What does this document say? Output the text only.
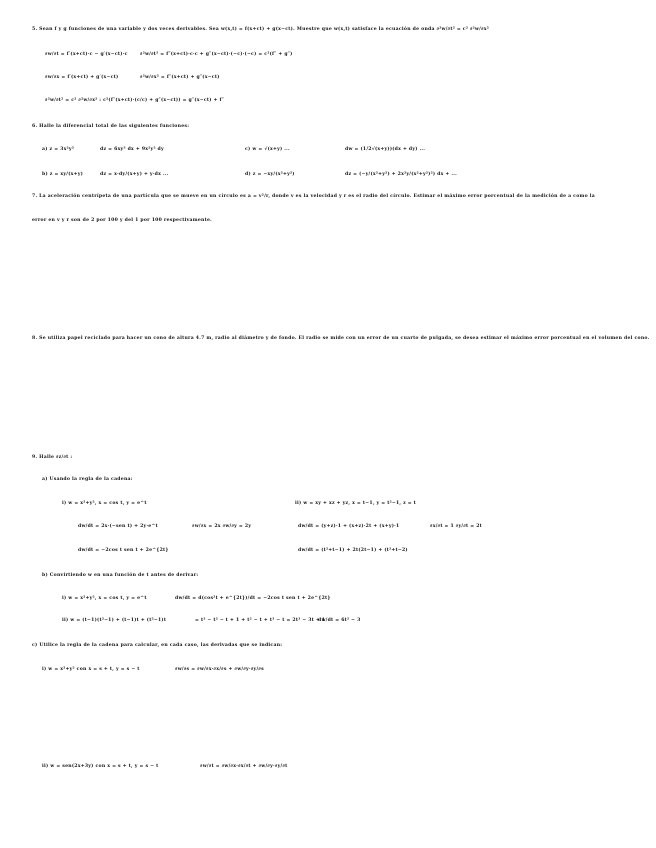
5. Sean f y g funciones de una variable y dos veces derivables. Sea w(x,t) = f(x+ct) + g(x−ct). Muestre que w(x,t) satisface la ecuación de onda ∂²w/∂t² = c² ∂²w/∂x²
∂w/∂t = f′(x+ct)·c − g′(x−ct)·c	∂²w/∂t² = f″(x+ct)·c·c + g″(x−ct)·(−c)·(−c) = c²(f″ + g″)
∂w/∂x = f′(x+ct) + g′(x−ct)	∂²w/∂x² = f″(x+ct) + g″(x−ct)
∂²w/∂t² = c² ∂²w/∂x² : c²(f″(x+ct)·(c/c) + g″(x−ct)) = g″(x−ct) + f″
6. Halle la diferencial total de las siguientes funciones:
a) z = 3x²y³	dz = 6xy³ dx + 9x²y² dy	c) w = √(x+y) ...	dw = (1/2√(x+y))(dx + dy) ...
b) z = xy/(x+y)	dz = x·dy/(x+y) + y·dx ...	d) z = −xy/(x²+y²)	dz = (−y/(x²+y²) + 2x²y/(x²+y²)²) dx + ...
7. La aceleración centrípeta de una partícula que se mueve en un círculo es a = v²/r, donde v es la velocidad y r es el radio del círculo. Estimar el máximo error porcentual de la medición de a como la
error en v y r son de 2 por 100 y del 1 por 100 respectivamente.
8. Se utiliza papel reciclado para hacer un cono de altura 4.7 m, radio al diámetro y de fondo. El radio se mide con un error de un cuarto de pulgada, se desea estimar el máximo error porcentual en el volumen del cono.
9. Halle ∂z/∂t :
a) Usando la regla de la cadena:
i) w = x²+y², x = cos t, y = e^t	ii) w = xy + xz + yz, x = t−1, y = t²−1, z = t
dw/dt = 2x·(−sen t) + 2y·e^t	∂w/∂x = 2x ∂w/∂y = 2y	dw/dt = (y+z)·1 + (x+z)·2t + (x+y)·1	∂x/∂t = 1 ∂y/∂t = 2t
dw/dt = −2cos t sen t + 2e^{2t}	dw/dt = (t²+t−1) + 2t(2t−1) + (t²+t−2)
b) Convirtiendo w en una función de t antes de derivar:
i) w = x²+y², x = cos t, y = e^t	dw/dt = d(cos²t + e^{2t})/dt = −2cos t sen t + 2e^{2t}
ii) w = (t−1)(t²−1) + (t−1)t + (t²−1)t	= t³ − t² − t + 1 + t² − t + t³ − t = 2t³ − 3t + 1
dw/dt = 6t² − 3
c) Utilice la regla de la cadena para calcular, en cada caso, las derivadas que se indican:
i) w = x²+y² con x = s + t, y = s − t	∂w/∂s = ∂w/∂x·∂x/∂s + ∂w/∂y·∂y/∂s
ii) w = sen(2x+3y) con x = s + t, y = s − t	∂w/∂t = ∂w/∂x·∂x/∂t + ∂w/∂y·∂y/∂t
